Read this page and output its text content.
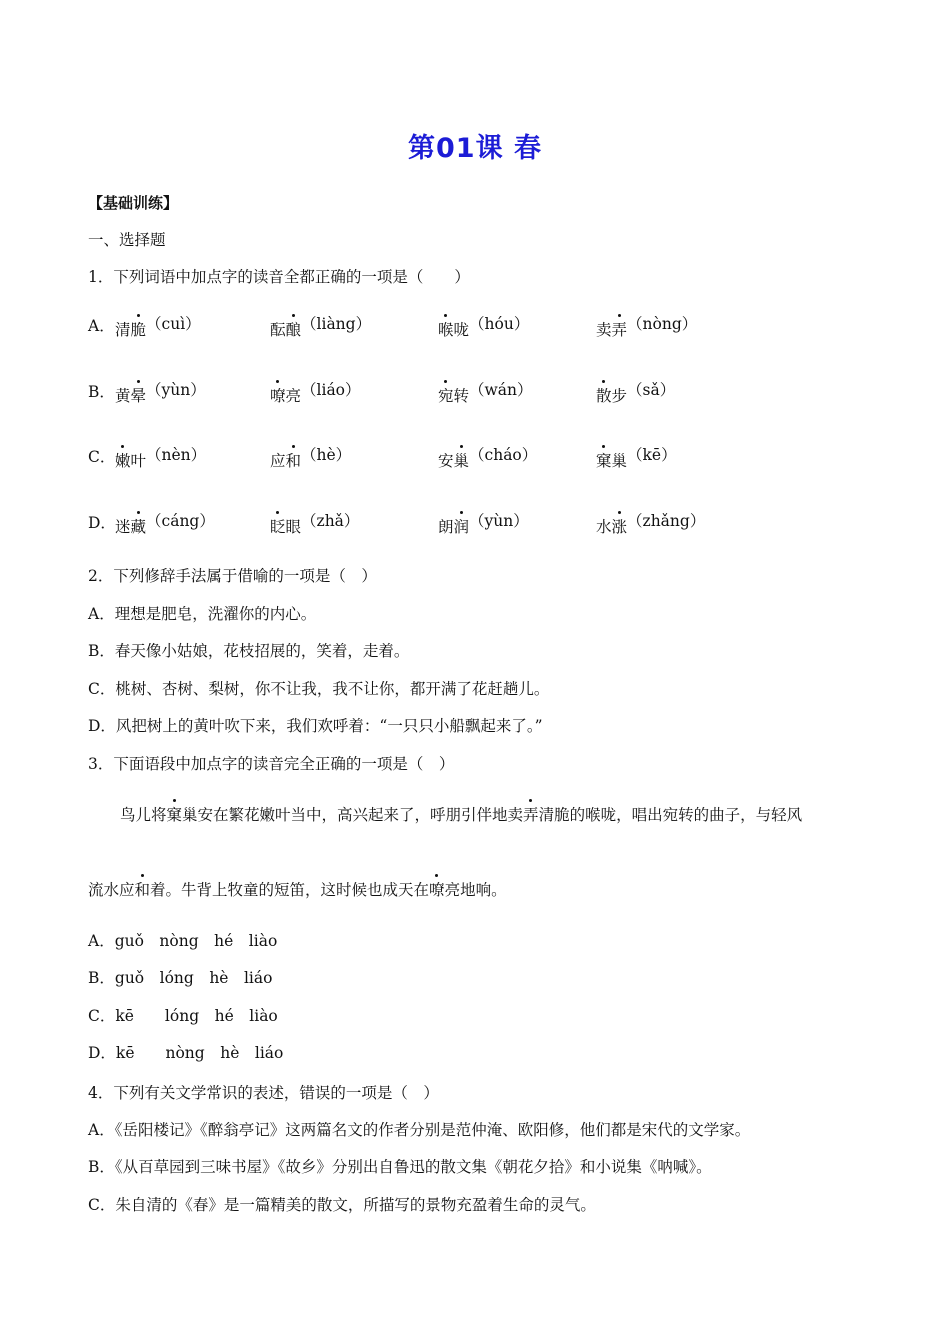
第01课 春
【基础训练】
一、选择题
1．下列词语中加点字的读音全都正确的一项是（　　）
A． 清脆（cuì）	酝酿（liàng）	喉咙（hóu）	卖弄（nòng）
B． 黄晕（yùn）	嘹亮（liáo）	宛转（wán）	散步（sǎ）
C． 嫩叶（nèn）	应和（hè）	安巢（cháo）	窠巢（kē）
D． 迷藏（cáng）	眨眼（zhǎ）	朗润（yùn）	水涨（zhǎng）
2．下列修辞手法属于借喻的一项是（　）
A．理想是肥皂，洗濯你的内心。
B．春天像小姑娘，花枝招展的，笑着，走着。
C．桃树、杏树、梨树，你不让我，我不让你，都开满了花赶趟儿。
D．风把树上的黄叶吹下来，我们欢呼着：“一只只小船飘起来了。”
3．下面语段中加点字的读音完全正确的一项是（　）
鸟儿将窠巢安在繁花嫩叶当中，高兴起来了，呼朋引伴地卖弄清脆的喉咙，唱出宛转的曲子，与轻风
流水应和着。牛背上牧童的短笛，这时候也成天在嘹亮地响。
A．guǒ　nòng　hé　liào
B．guǒ　lóng　hè　liáo
C．kē　　lóng　hé　liào
D．kē　　nòng　hè　liáo
4．下列有关文学常识的表述，错误的一项是（　）
A．《岳阳楼记》《醉翁亭记》这两篇名文的作者分别是范仲淹、欧阳修，他们都是宋代的文学家。
B．《从百草园到三味书屋》《故乡》分别出自鲁迅的散文集《朝花夕拾》和小说集《呐喊》。
C．朱自清的《春》是一篇精美的散文，所描写的景物充盈着生命的灵气。
